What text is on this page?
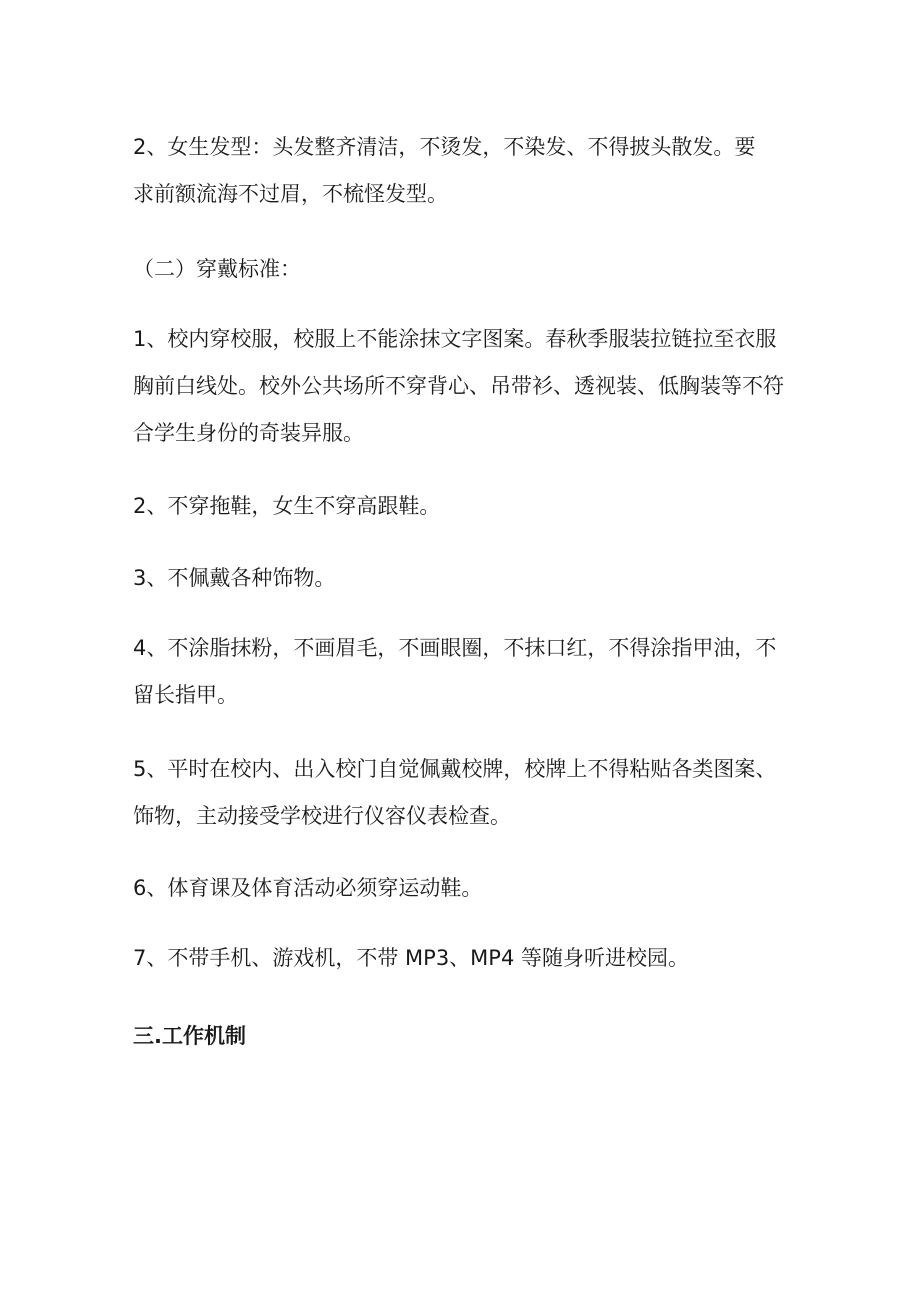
2、女生发型：头发整齐清洁，不烫发，不染发、不得披头散发。要
求前额流海不过眉，不梳怪发型。

（二）穿戴标准：

1、校内穿校服，校服上不能涂抹文字图案。春秋季服装拉链拉至衣服
胸前白线处。校外公共场所不穿背心、吊带衫、透视装、低胸装等不符
合学生身份的奇装异服。

2、不穿拖鞋，女生不穿高跟鞋。

3、不佩戴各种饰物。

4、不涂脂抹粉，不画眉毛，不画眼圈，不抹口红，不得涂指甲油，不
留长指甲。

5、平时在校内、出入校门自觉佩戴校牌，校牌上不得粘贴各类图案、
饰物，主动接受学校进行仪容仪表检查。

6、体育课及体育活动必须穿运动鞋。

7、不带手机、游戏机，不带 MP3、MP4 等随身听进校园。

三.工作机制
